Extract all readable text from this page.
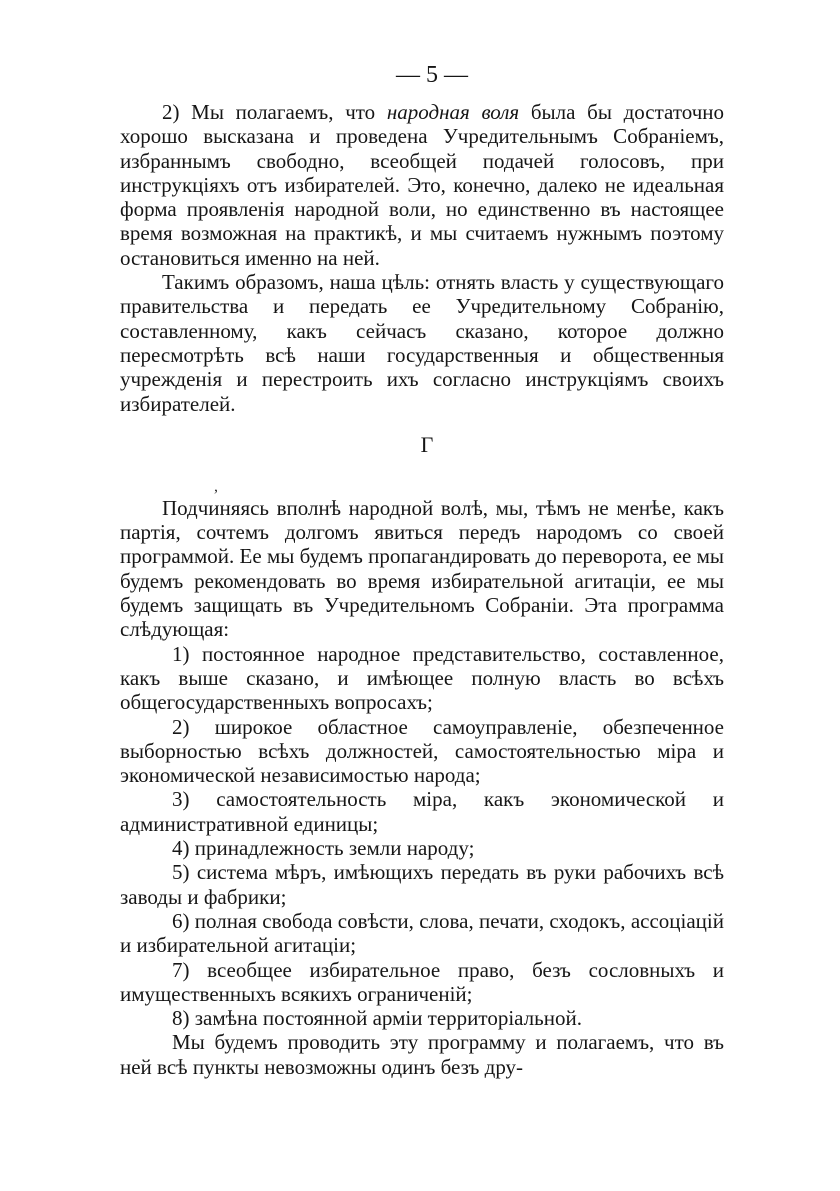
— 5 —

2) Мы полагаемъ, что народная воля была бы достаточно хорошо высказана и проведена Учредительнымъ Собраніемъ, избраннымъ свободно, всеобщей подачей голосовъ, при инструкціяхъ отъ избирателей. Это, конечно, далеко не идеальная форма проявленія народной воли, но единственно въ настоящее время возможная на практикѣ, и мы считаемъ нужнымъ поэтому остановиться именно на ней.

Такимъ образомъ, наша цѣль: отнять власть у существующаго правительства и передать ее Учредительному Собранію, составленному, какъ сейчасъ сказано, которое должно пересмотрѣть всѣ наши государственныя и общественныя учрежденія и перестроить ихъ согласно инструкціямъ своихъ избирателей.

Г

Подчиняясь вполнѣ народной волѣ, мы, тѣмъ не менѣе, какъ партія, сочтемъ долгомъ явиться передъ народомъ со своей программой. Ее мы будемъ пропагандировать до переворота, ее мы будемъ рекомендовать во время избирательной агитаціи, ее мы будемъ защищать въ Учредительномъ Собраніи. Эта программа слѣдующая:

1) постоянное народное представительство, составленное, какъ выше сказано, и имѣющее полную власть во всѣхъ общегосударственныхъ вопросахъ;

2) широкое областное самоуправленіе, обезпеченное выборностью всѣхъ должностей, самостоятельностью міра и экономической независимостью народа;

3) самостоятельность міра, какъ экономической и административной единицы;

4) принадлежность земли народу;

5) система мѣръ, имѣющихъ передать въ руки рабочихъ всѣ заводы и фабрики;

6) полная свобода совѣсти, слова, печати, сходокъ, ассоціацій и избирательной агитаціи;

7) всеобщее избирательное право, безъ сословныхъ и имущественныхъ всякихъ ограниченій;

8) замѣна постоянной арміи территоріальной.

Мы будемъ проводить эту программу и полагаемъ, что въ ней всѣ пункты невозможны одинъ безъ дру-

,
